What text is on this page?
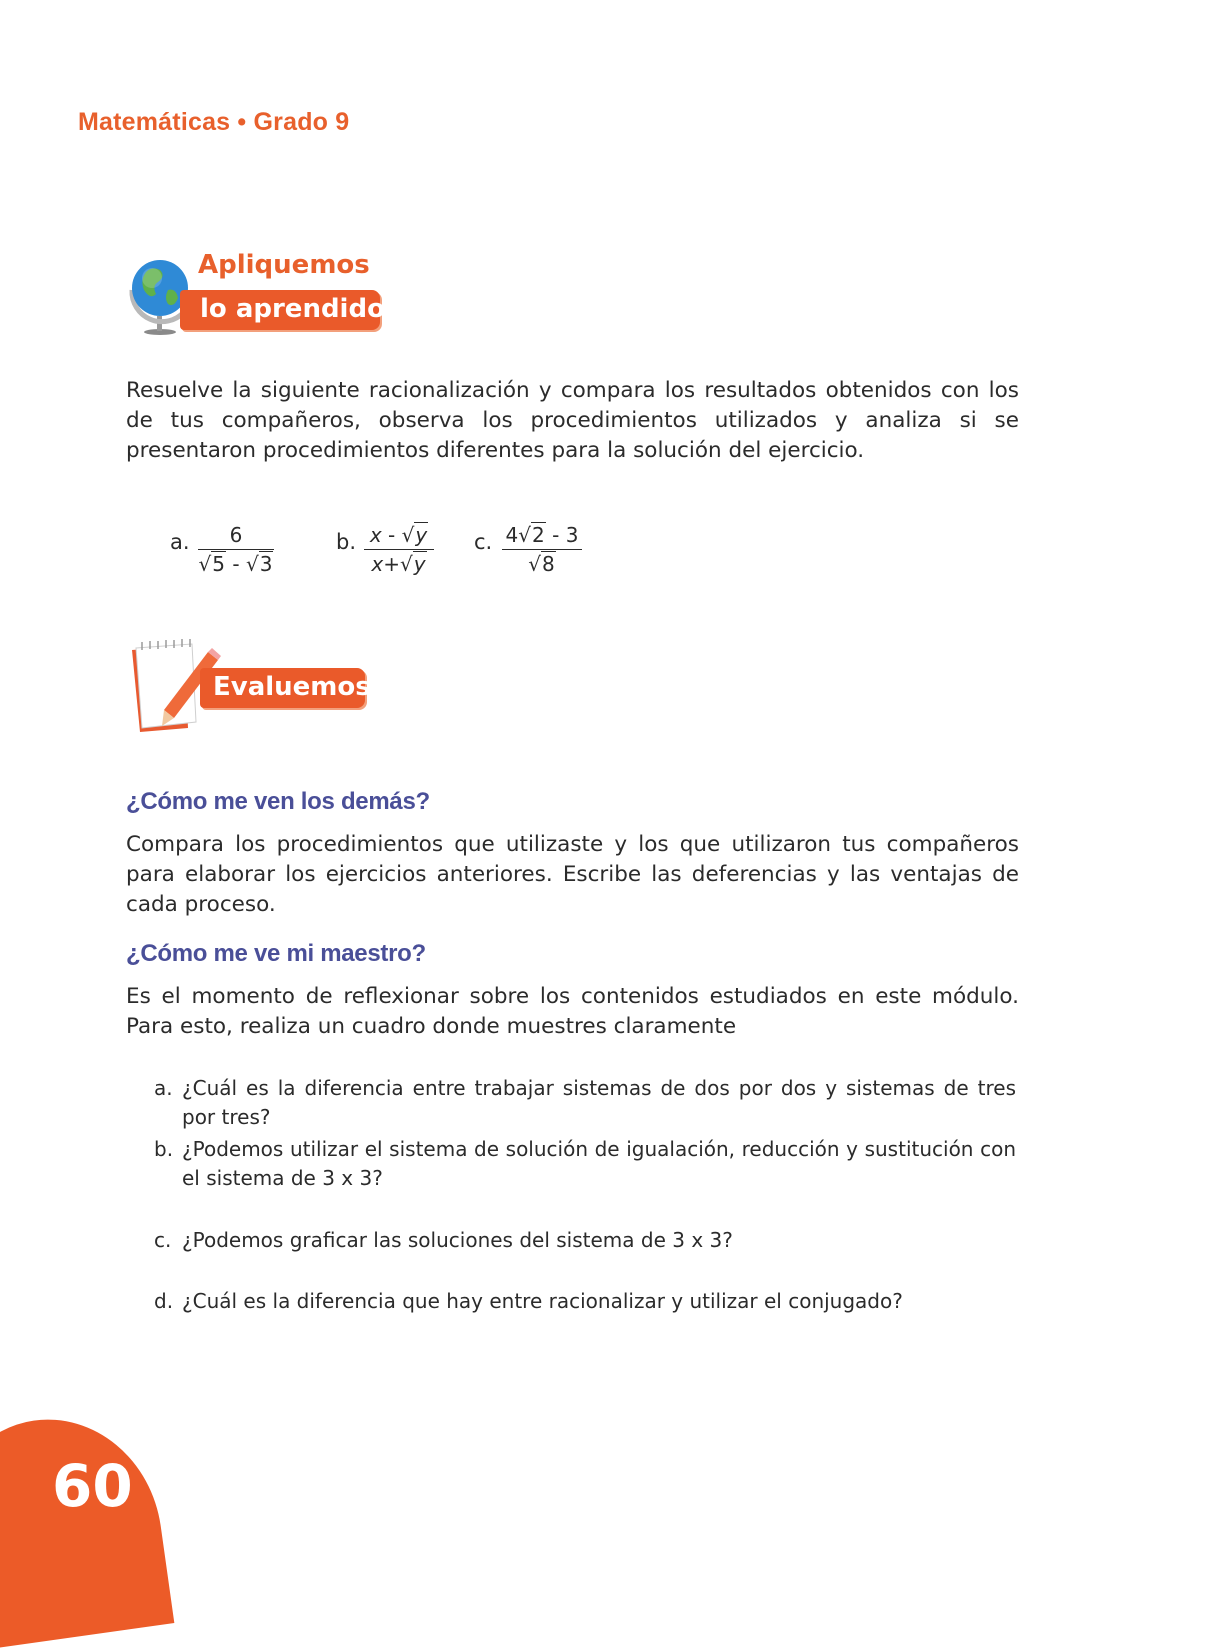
Matemáticas • Grado 9
Apliquemos
lo aprendido
Resuelve la siguiente racionalización y compara los resultados obtenidos con los de tus compañeros, observa los procedimientos utilizados y analiza si se presentaron procedimientos diferentes para la solución del ejercicio.
a.	6
√5 - √3
b. x - √y
x+√y
c. 4√2 - 3
√8
Evaluemos
¿Cómo me ven los demás?
Compara los procedimientos que utilizaste y los que utilizaron tus compañeros para elaborar los ejercicios anteriores. Escribe las deferencias y las ventajas de cada proceso.
¿Cómo me ve mi maestro?
Es el momento de reflexionar sobre los contenidos estudiados en este módulo. Para esto, realiza un cuadro donde muestres claramente
a. ¿Cuál es la diferencia entre trabajar sistemas de dos por dos y sistemas de tres por tres?
b. ¿Podemos utilizar el sistema de solución de igualación, reducción y sustitución con el sistema de 3 x 3?
c. ¿Podemos graficar las soluciones del sistema de 3 x 3?
d. ¿Cuál es la diferencia que hay entre racionalizar y utilizar el conjugado?
60
